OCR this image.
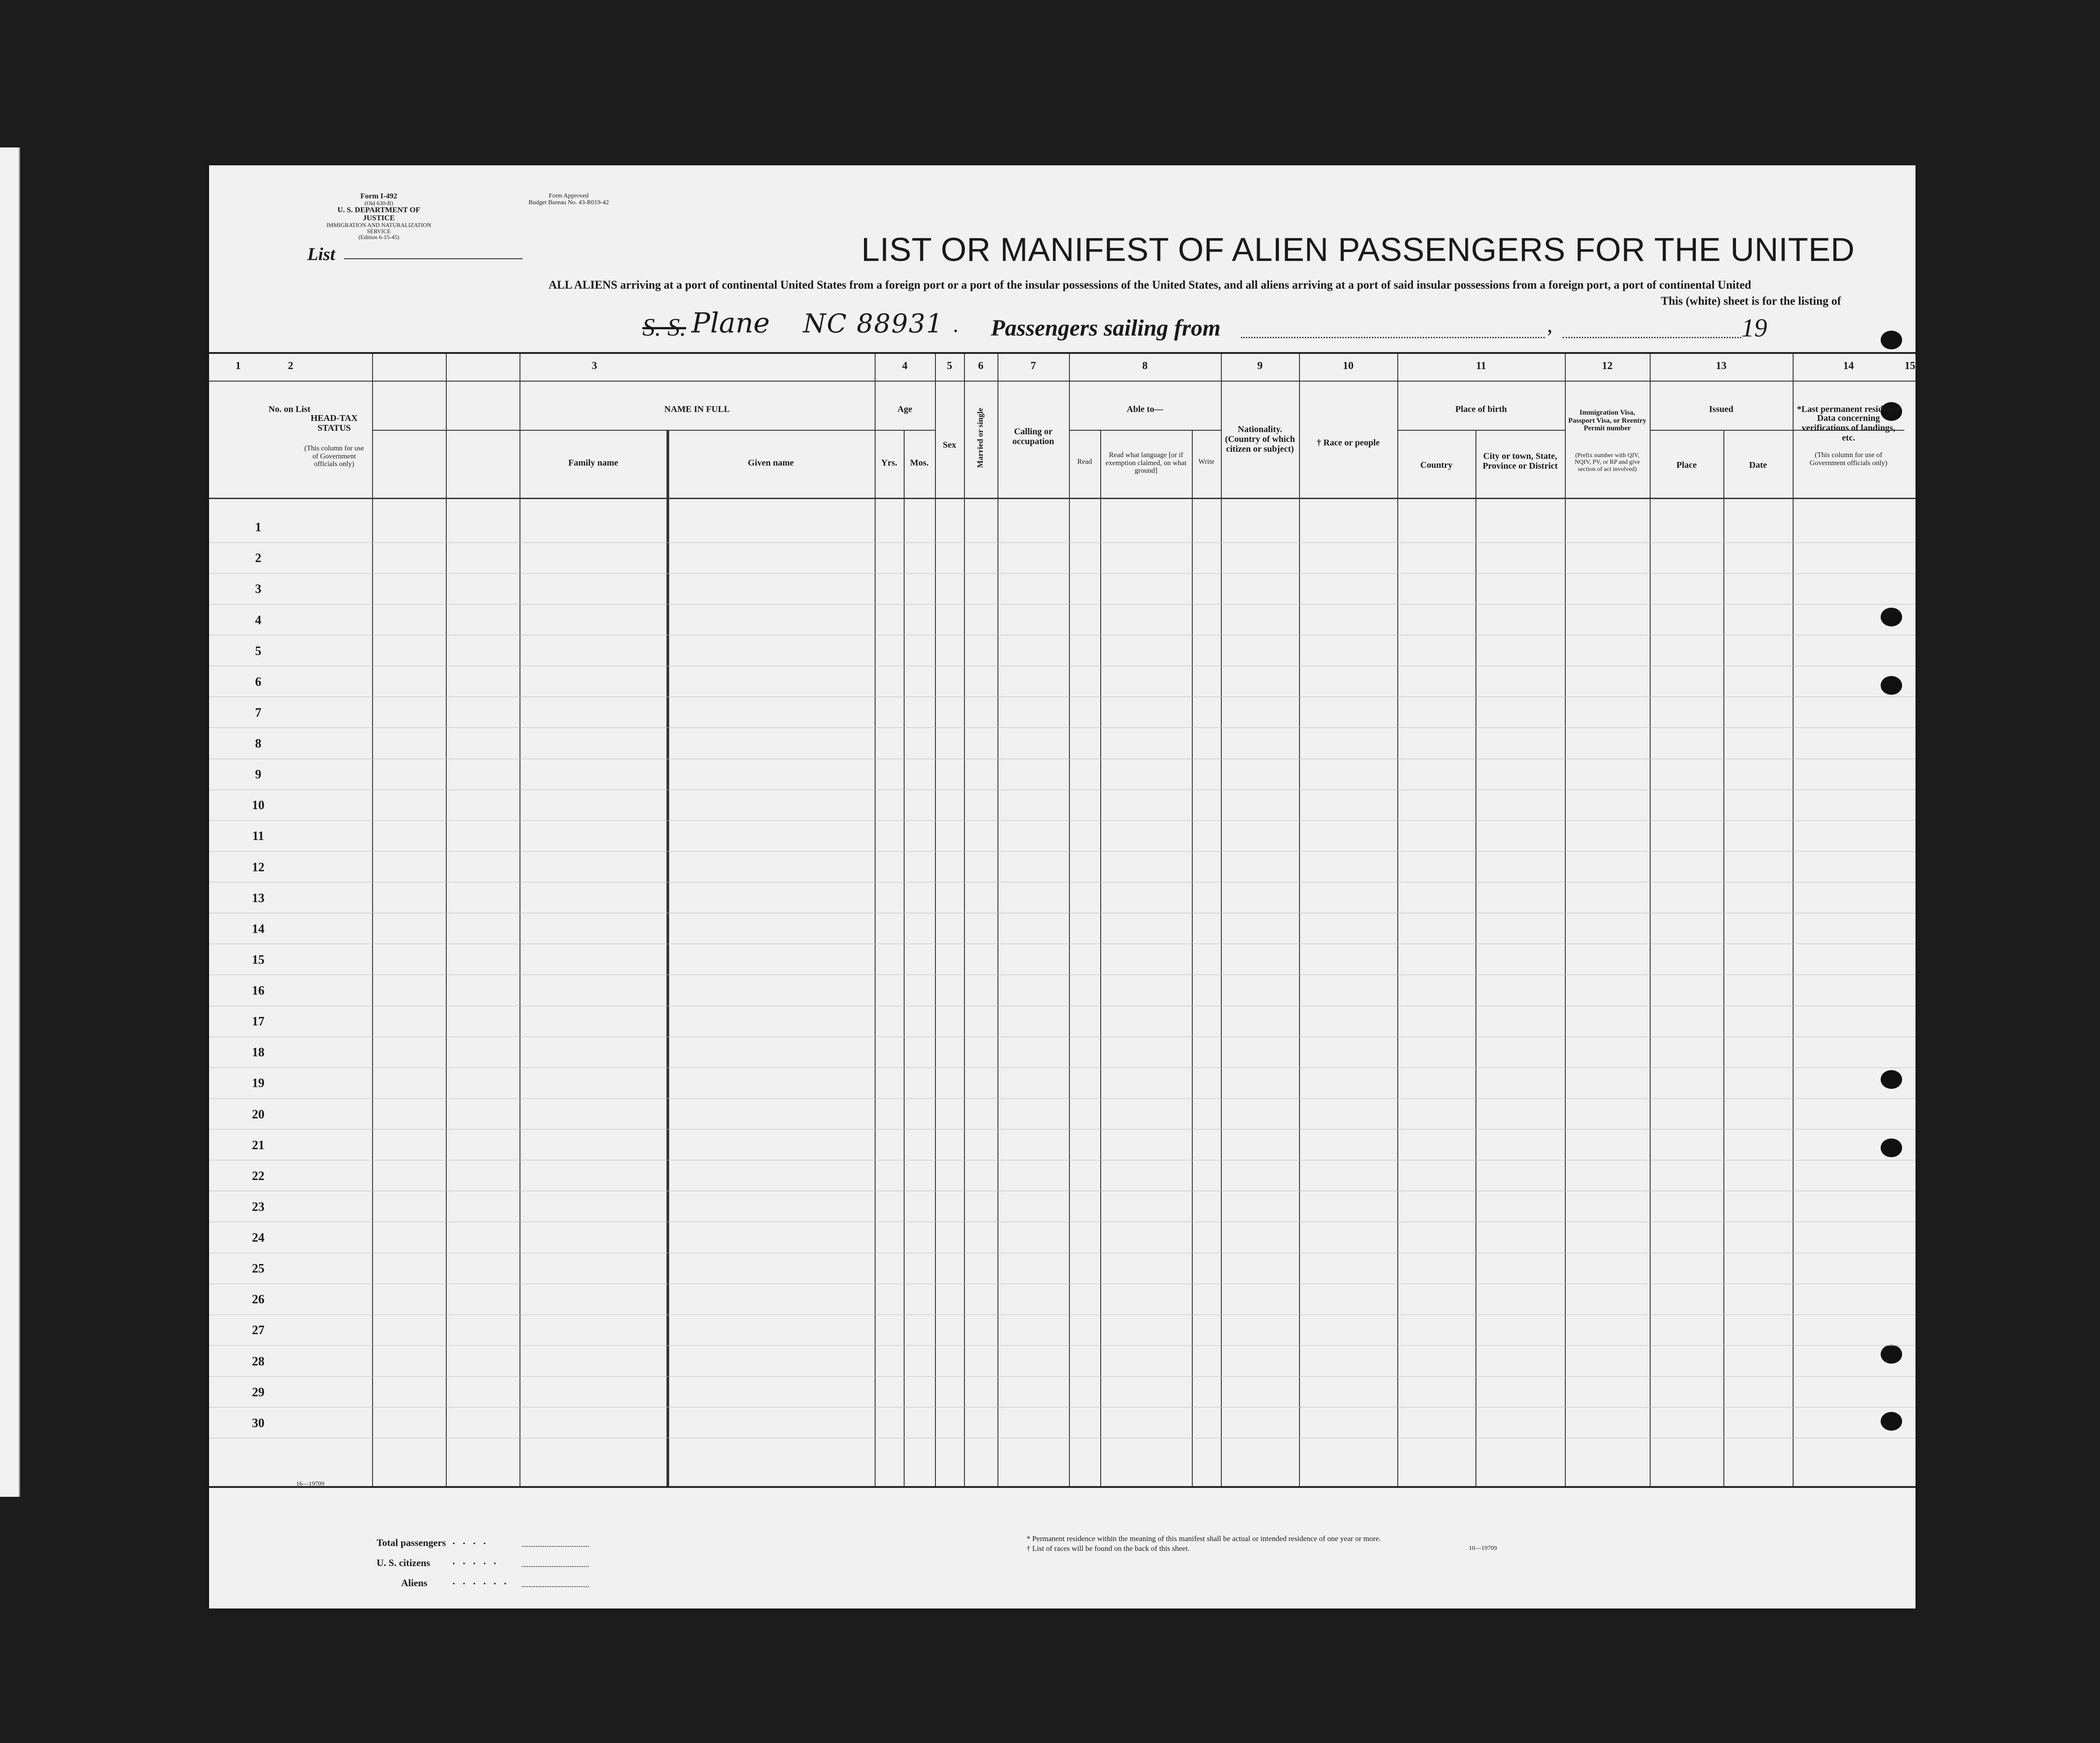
Form I-492
(Old 630-B)
U. S. DEPARTMENT OF JUSTICE
IMMIGRATION AND NATURALIZATION SERVICE
(Edition 6-15-45)
Form Approved
Budget Bureau No. 43-R019-42
List	LIST OR MANIFEST OF ALIEN PASSENGERS FOR THE UNITED
ALL ALIENS arriving at a port of continental United States from a foreign port or a port of the insular possessions of the United States, and all aliens arriving at a port of said insular possessions from a foreign port, a port of continental United
This (white) sheet is for the listing of
S. S. Plane NC 88931 . Passengers sailing from	,	19
No. on List
HEAD-TAX STATUS
(This column for use of Government officials only)
NAME IN FULL
Family name	Given name
Age
Yrs.	Mos.
Sex	Married or single	Calling or occupation
Able to—
Read
Read what language [or if exemption claimed, on what ground]
Write
Nationality. (Country of which citizen or subject)
† Race or people
Place of birth
Country
City or town, State, Province or District
Immigration Visa, Passport Visa, or Reentry Permit number
(Prefix number with QIV, NQIV, PV, or RP and give section of act involved)
Issued
Place	Date
Data concerning verifications of landings, etc.
(This column for use of Government officials only)
16—19709
Total passengers . . . .
U. S. citizens . . . . .
Aliens	. . . . . .
* Permanent residence within the meaning of this manifest shall be actual or intended residence of one year or more.
† List of races will be found on the back of this sheet.	10—19709
*Last permanent residence
1	2	3	4	5	6	7	8	9	10	11	12	13	14	15
1
2
3
4
5
6
7
8
9
10
11
12
13
14
15
16
17
18
19
20
21
22
23
24
25
26
27
28
29
30
